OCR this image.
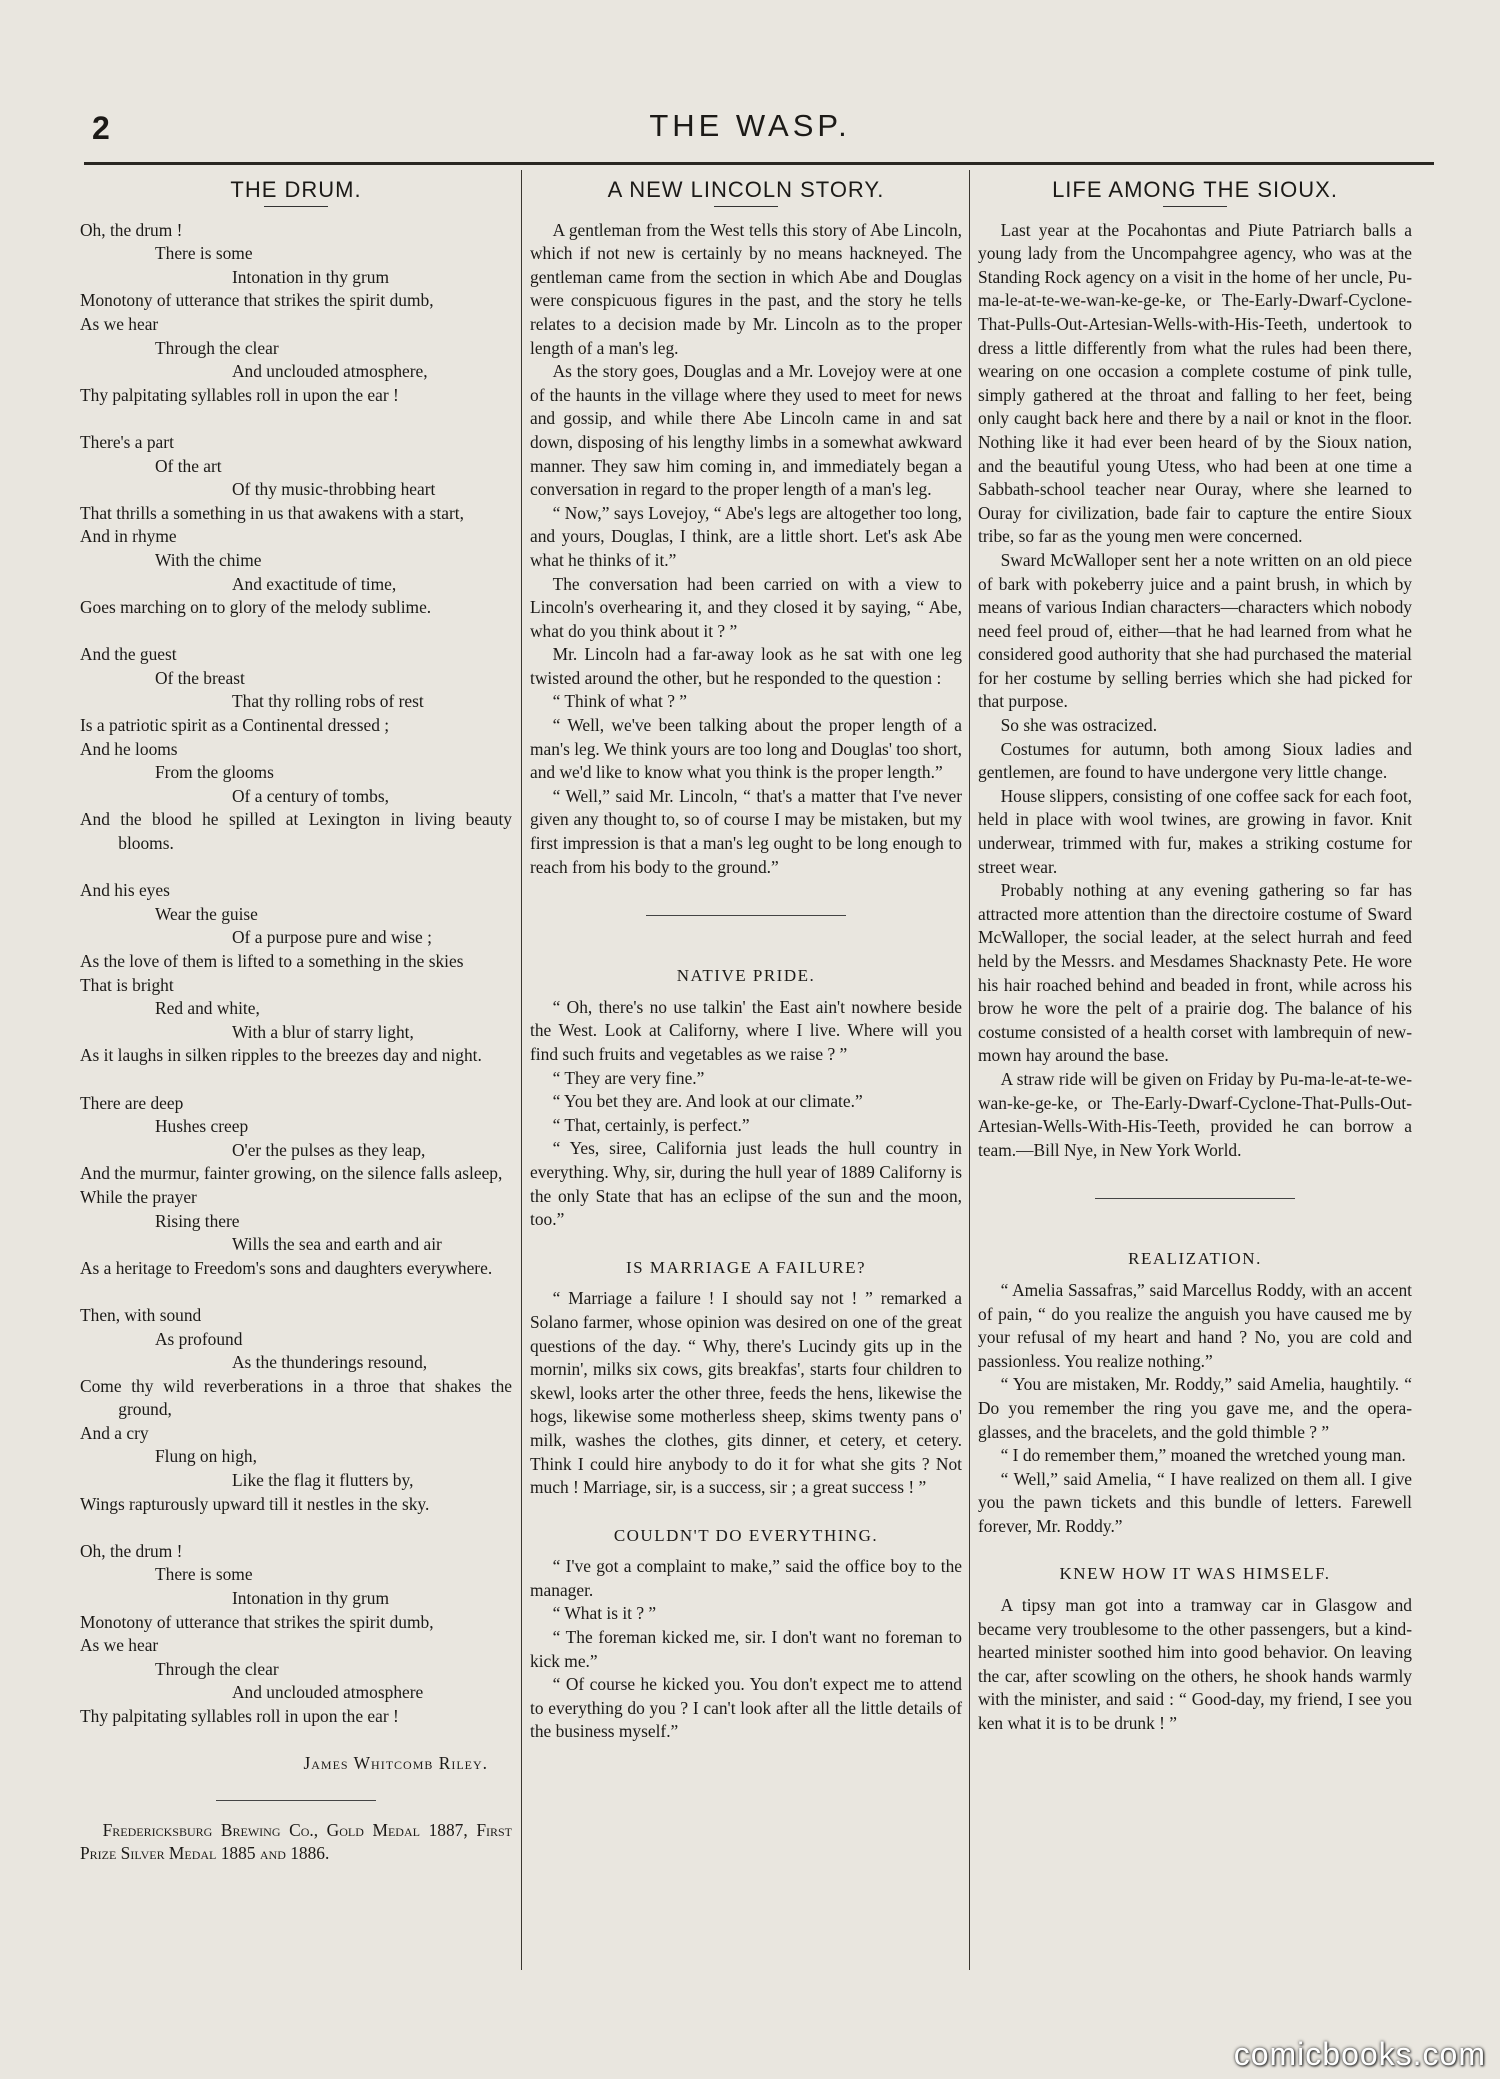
2	THE WASP.
THE DRUM.
Oh, the drum !
There is some
Intonation in thy grum
Monotony of utterance that strikes the spirit dumb,
As we hear
Through the clear
And unclouded atmosphere,
Thy palpitating syllables roll in upon the ear !
There's a part
Of the art
Of thy music-throbbing heart
That thrills a something in us that awakens with a start,
And in rhyme
With the chime
And exactitude of time,
Goes marching on to glory of the melody sublime.
And the guest
Of the breast
That thy rolling robs of rest
Is a patriotic spirit as a Continental dressed ;
And he looms
From the glooms
Of a century of tombs,
And the blood he spilled at Lexington in living beauty blooms.
And his eyes
Wear the guise
Of a purpose pure and wise ;
As the love of them is lifted to a something in the skies
That is bright
Red and white,
With a blur of starry light,
As it laughs in silken ripples to the breezes day and night.
There are deep
Hushes creep
O'er the pulses as they leap,
And the murmur, fainter growing, on the silence falls asleep,
While the prayer
Rising there
Wills the sea and earth and air
As a heritage to Freedom's sons and daughters everywhere.
Then, with sound
As profound
As the thunderings resound,
Come thy wild reverberations in a throe that shakes the ground,
And a cry
Flung on high,
Like the flag it flutters by,
Wings rapturously upward till it nestles in the sky.
Oh, the drum !
There is some
Intonation in thy grum
Monotony of utterance that strikes the spirit dumb,
As we hear
Through the clear
And unclouded atmosphere
Thy palpitating syllables roll in upon the ear !
James Whitcomb Riley.
Fredericksburg Brewing Co., Gold Medal 1887, First Prize Silver Medal 1885 and 1886.
A NEW LINCOLN STORY.

A gentleman from the West tells this story of Abe Lincoln, which if not new is certainly by no means hackneyed. The gentleman came from the section in which Abe and Douglas were conspicuous figures in the past, and the story he tells relates to a decision made by Mr. Lincoln as to the proper length of a man's leg.

As the story goes, Douglas and a Mr. Lovejoy were at one of the haunts in the village where they used to meet for news and gossip, and while there Abe Lincoln came in and sat down, disposing of his lengthy limbs in a somewhat awkward manner. They saw him coming in, and immediately began a conversation in regard to the proper length of a man's leg.

“ Now,” says Lovejoy, “ Abe's legs are altogether too long, and yours, Douglas, I think, are a little short. Let's ask Abe what he thinks of it.”

The conversation had been carried on with a view to Lincoln's overhearing it, and they closed it by saying, “ Abe, what do you think about it ? ”

Mr. Lincoln had a far-away look as he sat with one leg twisted around the other, but he responded to the question :

“ Think of what ? ”

“ Well, we've been talking about the proper length of a man's leg. We think yours are too long and Douglas' too short, and we'd like to know what you think is the proper length.”

“ Well,” said Mr. Lincoln, “ that's a matter that I've never given any thought to, so of course I may be mistaken, but my first impression is that a man's leg ought to be long enough to reach from his body to the ground.”

NATIVE PRIDE.

“ Oh, there's no use talkin' the East ain't nowhere beside the West. Look at Californy, where I live. Where will you find such fruits and vegetables as we raise ? ”

“ They are very fine.”

“ You bet they are. And look at our climate.”

“ That, certainly, is perfect.”

“ Yes, siree, California just leads the hull country in everything. Why, sir, during the hull year of 1889 Californy is the only State that has an eclipse of the sun and the moon, too.”

IS MARRIAGE A FAILURE?

“ Marriage a failure ! I should say not ! ” remarked a Solano farmer, whose opinion was desired on one of the great questions of the day. “ Why, there's Lucindy gits up in the mornin', milks six cows, gits breakfas', starts four children to skewl, looks arter the other three, feeds the hens, likewise the hogs, likewise some motherless sheep, skims twenty pans o' milk, washes the clothes, gits dinner, et cetery, et cetery. Think I could hire anybody to do it for what she gits ? Not much ! Marriage, sir, is a success, sir ; a great success ! ”

COULDN'T DO EVERYTHING.

“ I've got a complaint to make,” said the office boy to the manager.

“ What is it ? ”

“ The foreman kicked me, sir. I don't want no foreman to kick me.”

“ Of course he kicked you. You don't expect me to attend to everything do you ? I can't look after all the little details of the business myself.”

LIFE AMONG THE SIOUX.

Last year at the Pocahontas and Piute Patriarch balls a young lady from the Uncompahgree agency, who was at the Standing Rock agency on a visit in the home of her uncle, Pu-ma-le-at-te-we-wan-ke-ge-ke, or The-Early-Dwarf-Cyclone-That-Pulls-Out-Artesian-Wells-with-His-Teeth, undertook to dress a little differently from what the rules had been there, wearing on one occasion a complete costume of pink tulle, simply gathered at the throat and falling to her feet, being only caught back here and there by a nail or knot in the floor. Nothing like it had ever been heard of by the Sioux nation, and the beautiful young Utess, who had been at one time a Sabbath-school teacher near Ouray, where she learned to Ouray for civilization, bade fair to capture the entire Sioux tribe, so far as the young men were concerned.

Sward McWalloper sent her a note written on an old piece of bark with pokeberry juice and a paint brush, in which by means of various Indian characters—characters which nobody need feel proud of, either—that he had learned from what he considered good authority that she had purchased the material for her costume by selling berries which she had picked for that purpose.

So she was ostracized.

Costumes for autumn, both among Sioux ladies and gentlemen, are found to have undergone very little change.

House slippers, consisting of one coffee sack for each foot, held in place with wool twines, are growing in favor. Knit underwear, trimmed with fur, makes a striking costume for street wear.

Probably nothing at any evening gathering so far has attracted more attention than the directoire costume of Sward McWalloper, the social leader, at the select hurrah and feed held by the Messrs. and Mesdames Shacknasty Pete. He wore his hair roached behind and beaded in front, while across his brow he wore the pelt of a prairie dog. The balance of his costume consisted of a health corset with lambrequin of new-mown hay around the base.

A straw ride will be given on Friday by Pu-ma-le-at-te-we-wan-ke-ge-ke, or The-Early-Dwarf-Cyclone-That-Pulls-Out-Artesian-Wells-With-His-Teeth, provided he can borrow a team.—Bill Nye, in New York World.

REALIZATION.

“ Amelia Sassafras,” said Marcellus Roddy, with an accent of pain, “ do you realize the anguish you have caused me by your refusal of my heart and hand ? No, you are cold and passionless. You realize nothing.”

“ You are mistaken, Mr. Roddy,” said Amelia, haughtily. “ Do you remember the ring you gave me, and the opera-glasses, and the bracelets, and the gold thimble ? ”

“ I do remember them,” moaned the wretched young man.

“ Well,” said Amelia, “ I have realized on them all. I give you the pawn tickets and this bundle of letters. Farewell forever, Mr. Roddy.”

KNEW HOW IT WAS HIMSELF.

A tipsy man got into a tramway car in Glasgow and became very troublesome to the other passengers, but a kind-hearted minister soothed him into good behavior. On leaving the car, after scowling on the others, he shook hands warmly with the minister, and said : “ Good-day, my friend, I see you ken what it is to be drunk ! ”

comicbooks.com
